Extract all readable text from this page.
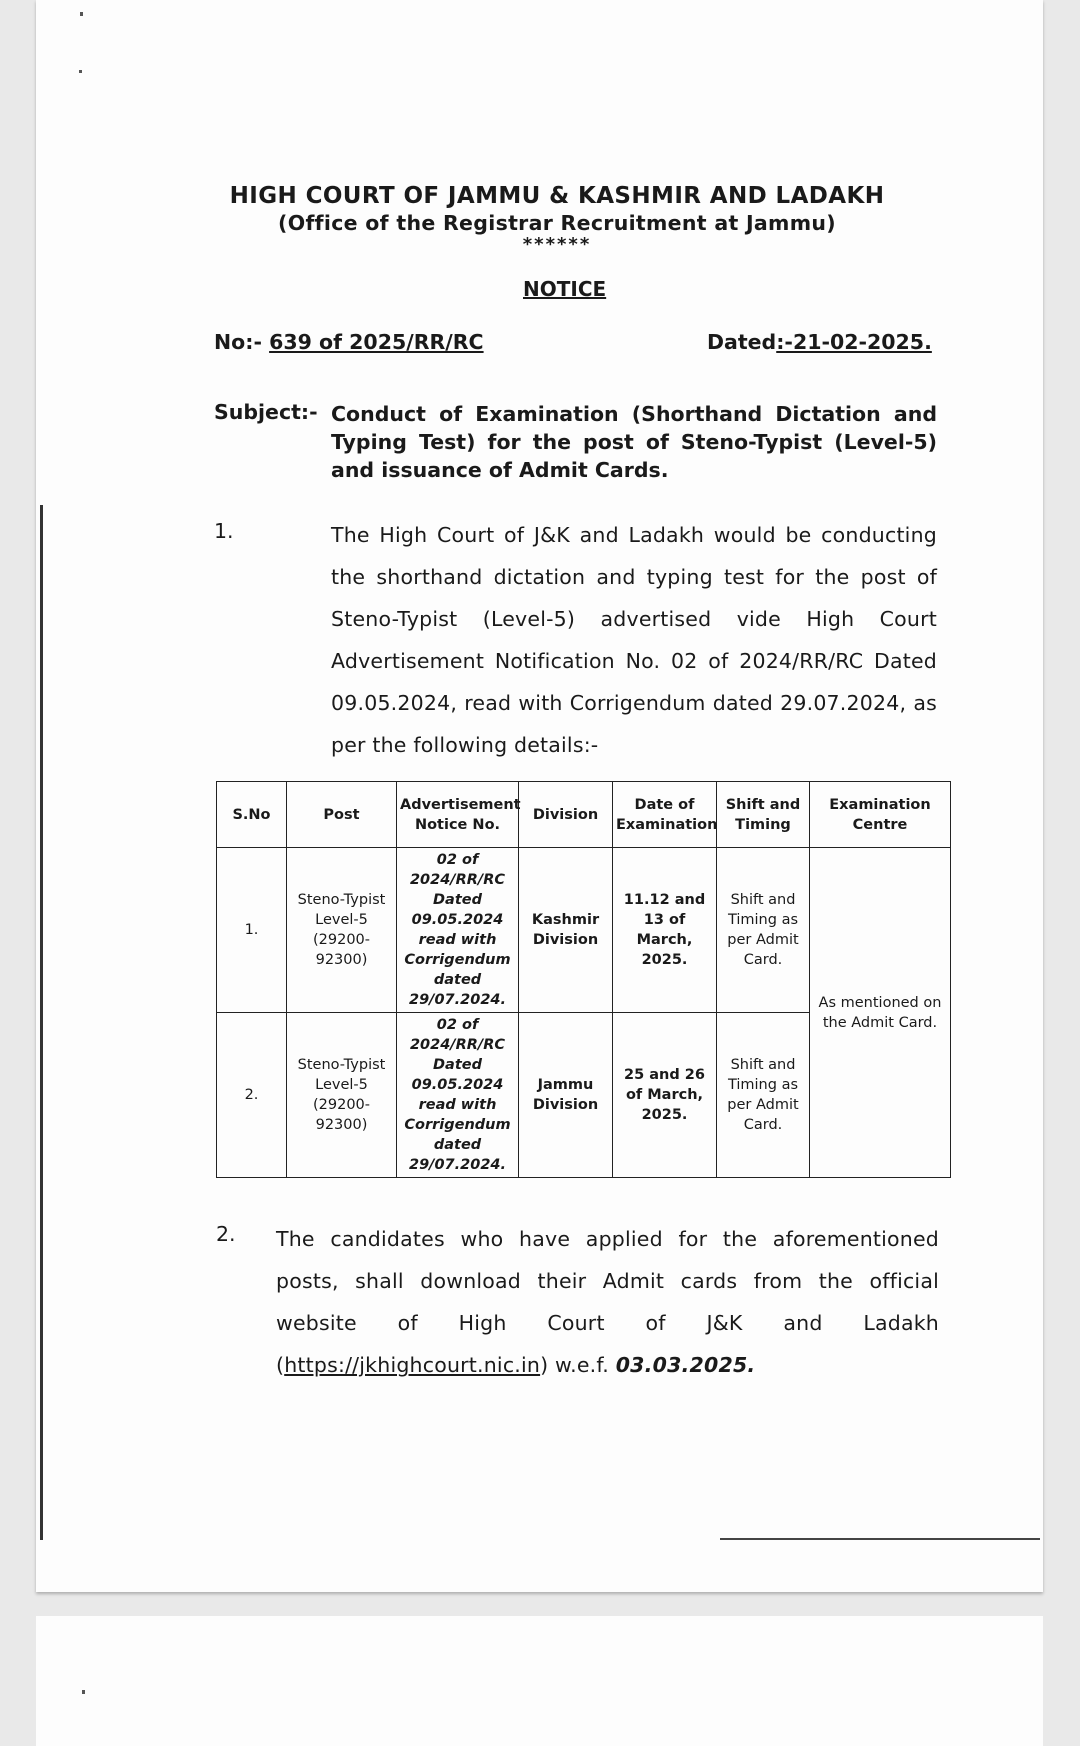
HIGH COURT OF JAMMU & KASHMIR AND LADAKH
(Office of the Registrar Recruitment at Jammu)
******
NOTICE
No:- 639 of 2025/RR/RC	Dated:-21-02-2025.
Subject:- Conduct of Examination (Shorthand Dictation and Typing Test) for the post of Steno-Typist (Level-5) and issuance of Admit Cards.
1.	The High Court of J&K and Ladakh would be conducting the shorthand dictation and typing test for the post of Steno-Typist (Level-5) advertised vide High Court Advertisement Notification No. 02 of 2024/RR/RC Dated 09.05.2024, read with Corrigendum dated 29.07.2024, as per the following details:-
S.No	Post	Advertisement Notice No.	Division	Date of Examination	Shift and Timing	Examination Centre
1.	Steno-Typist Level-5 (29200-92300)	02 of 2024/RR/RC Dated 09.05.2024 read with Corrigendum dated 29/07.2024.	Kashmir Division	11.12 and 13 of March, 2025.	Shift and Timing as per Admit Card.	As mentioned on the Admit Card.
2.	Steno-Typist Level-5 (29200-92300)	02 of 2024/RR/RC Dated 09.05.2024 read with Corrigendum dated 29/07.2024.	Jammu Division	25 and 26 of March, 2025.	Shift and Timing as per Admit Card.	
2. The candidates who have applied for the aforementioned posts, shall download their Admit cards from the official website of High Court of J&K and Ladakh (https://jkhighcourt.nic.in) w.e.f. 03.03.2025.
